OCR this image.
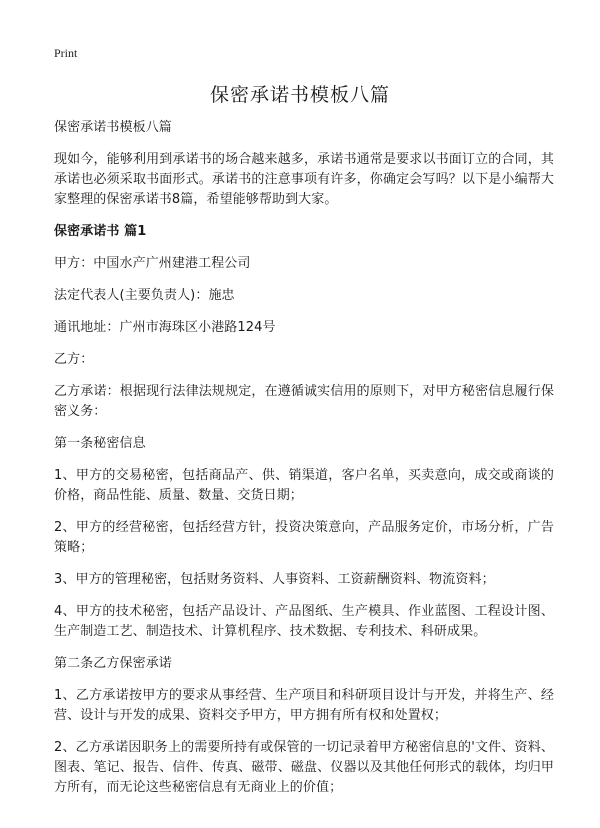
Print
保密承诺书模板八篇

保密承诺书模板八篇

现如今，能够利用到承诺书的场合越来越多，承诺书通常是要求以书面订立的合同，其承诺也必须采取书面形式。承诺书的注意事项有许多，你确定会写吗？以下是小编帮大家整理的保密承诺书8篇，希望能够帮助到大家。

保密承诺书 篇1

甲方：中国水产广州建港工程公司

法定代表人(主要负责人)：施忠

通讯地址：广州市海珠区小港路124号

乙方：

乙方承诺：根据现行法律法规规定，在遵循诚实信用的原则下，对甲方秘密信息履行保密义务：

第一条秘密信息

1、甲方的交易秘密，包括商品产、供、销渠道，客户名单，买卖意向，成交或商谈的价格，商品性能、质量、数量、交货日期；

2、甲方的经营秘密，包括经营方针，投资决策意向，产品服务定价，市场分析，广告策略；

3、甲方的管理秘密，包括财务资料、人事资料、工资薪酬资料、物流资料；

4、甲方的技术秘密，包括产品设计、产品图纸、生产模具、作业蓝图、工程设计图、生产制造工艺、制造技术、计算机程序、技术数据、专利技术、科研成果。

第二条乙方保密承诺

1、乙方承诺按甲方的要求从事经营、生产项目和科研项目设计与开发，并将生产、经营、设计与开发的成果、资料交予甲方，甲方拥有所有权和处置权；

2、乙方承诺因职务上的需要所持有或保管的一切记录着甲方秘密信息的'文件、资料、图表、笔记、报告、信件、传真、磁带、磁盘、仪器以及其他任何形式的载体，均归甲方所有，而无论这些秘密信息有无商业上的价值；
